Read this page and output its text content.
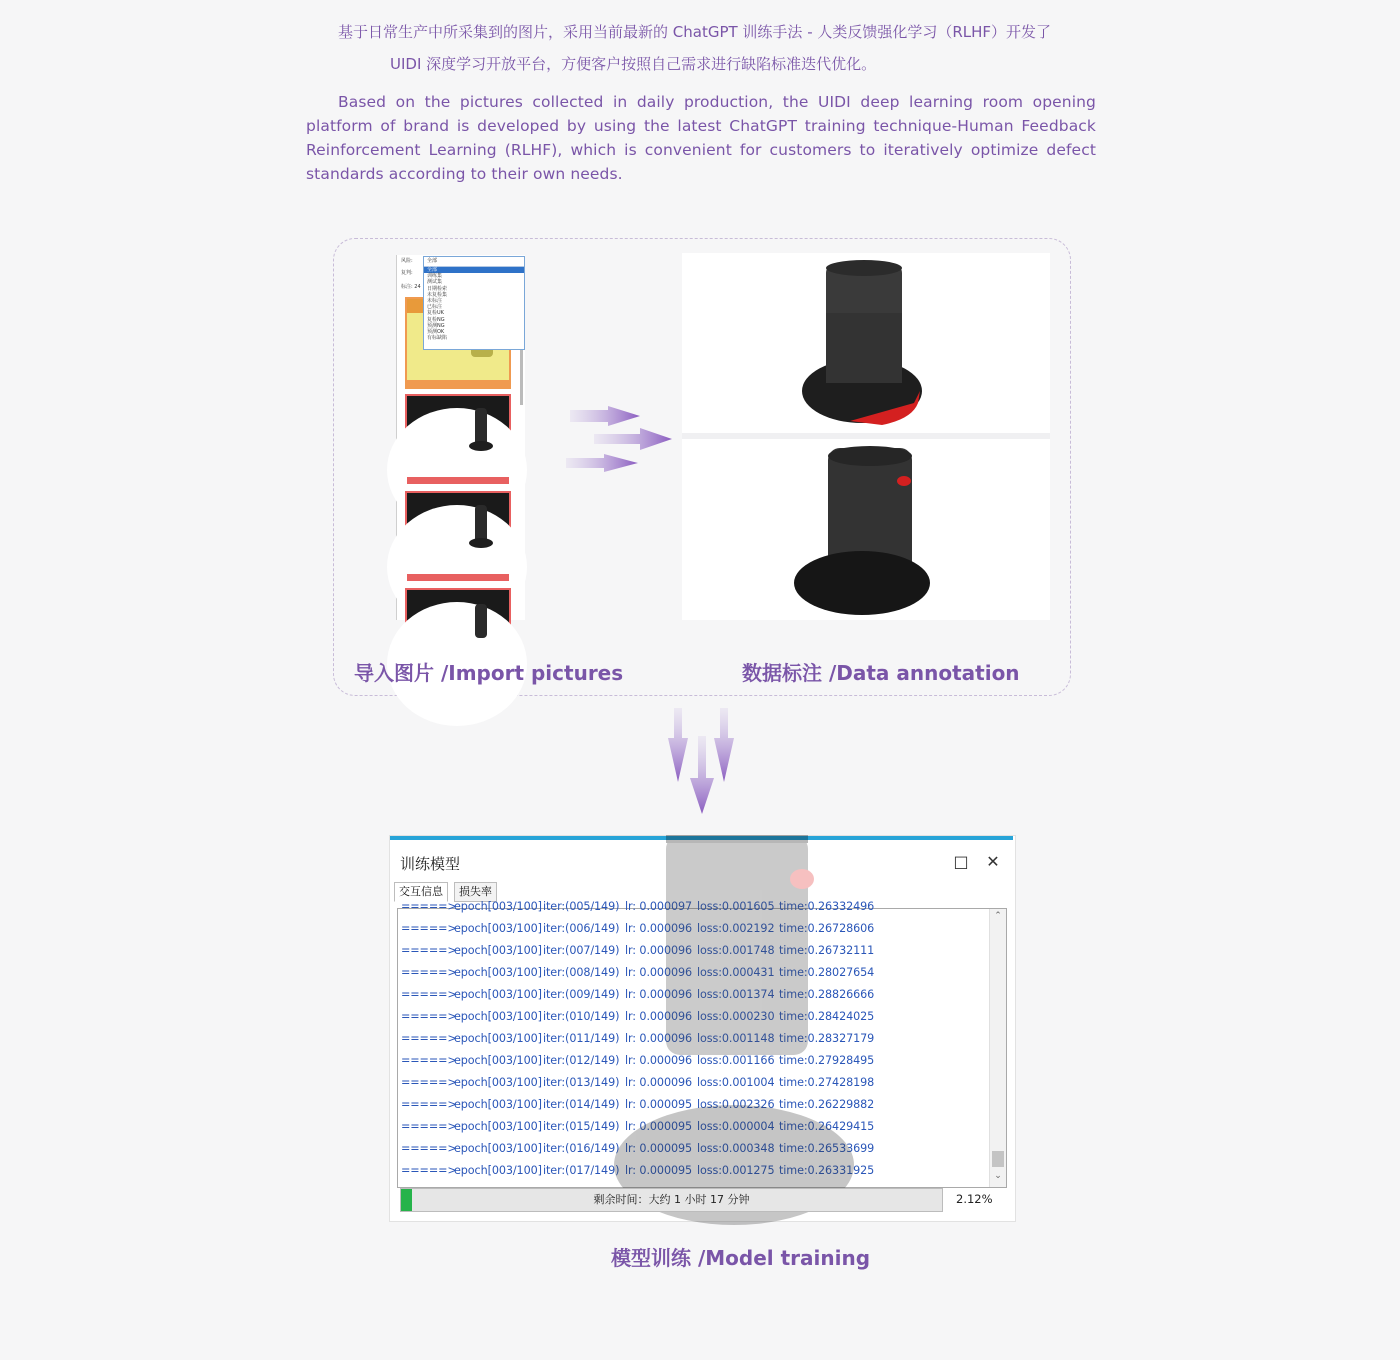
基于日常生产中所采集到的图片，采用当前最新的 ChatGPT 训练手法 - 人类反馈强化学习（RLHF）开发了

UIDI 深度学习开放平台，方便客户按照自己需求进行缺陷标准迭代优化。

Based on the pictures collected in daily production, the UIDI deep learning room opening platform of brand is developed by using the latest ChatGPT training technique-Human Feedback Reinforcement Learning (RLHF), which is convenient for customers to iteratively optimize defect standards according to their own needs.

风险:
复判:
标注: 24
全部
全部
训练集
测试集
日期检索
未复检集
未标注
已标注
复检UK
复检NG
预测NG
预测OK
有标缺陷
导入图片 /Import pictures	数据标注 /Data annotation
训练模型	□ ✕
交互信息	损失率
=====>
epoch[003/100] iter:(005/149) lr: 0.000097 loss:0.001605 time:0.26332496
=====>
epoch[003/100] iter:(006/149) lr: 0.000096 loss:0.002192 time:0.26728606
=====>
epoch[003/100] iter:(007/149) lr: 0.000096 loss:0.001748 time:0.26732111
=====>
epoch[003/100] iter:(008/149) lr: 0.000096 loss:0.000431 time:0.28027654
=====>
epoch[003/100] iter:(009/149) lr: 0.000096 loss:0.001374 time:0.28826666
=====>
epoch[003/100] iter:(010/149) lr: 0.000096 loss:0.000230 time:0.28424025
=====>
epoch[003/100] iter:(011/149) lr: 0.000096 loss:0.001148 time:0.28327179
=====>
epoch[003/100] iter:(012/149) lr: 0.000096 loss:0.001166 time:0.27928495
=====>
epoch[003/100] iter:(013/149) lr: 0.000096 loss:0.001004 time:0.27428198
=====>
epoch[003/100] iter:(014/149) lr: 0.000095 loss:0.002326 time:0.26229882
=====>
epoch[003/100] iter:(015/149) lr: 0.000095 loss:0.000004 time:0.26429415
=====>
epoch[003/100] iter:(016/149) lr: 0.000095 loss:0.000348 time:0.26533699
=====>
epoch[003/100] iter:(017/149) lr: 0.000095 loss:0.001275 time:0.26331925
⌃
⌄
剩余时间：大约 1 小时 17 分钟	2.12%
模型训练 /Model training
